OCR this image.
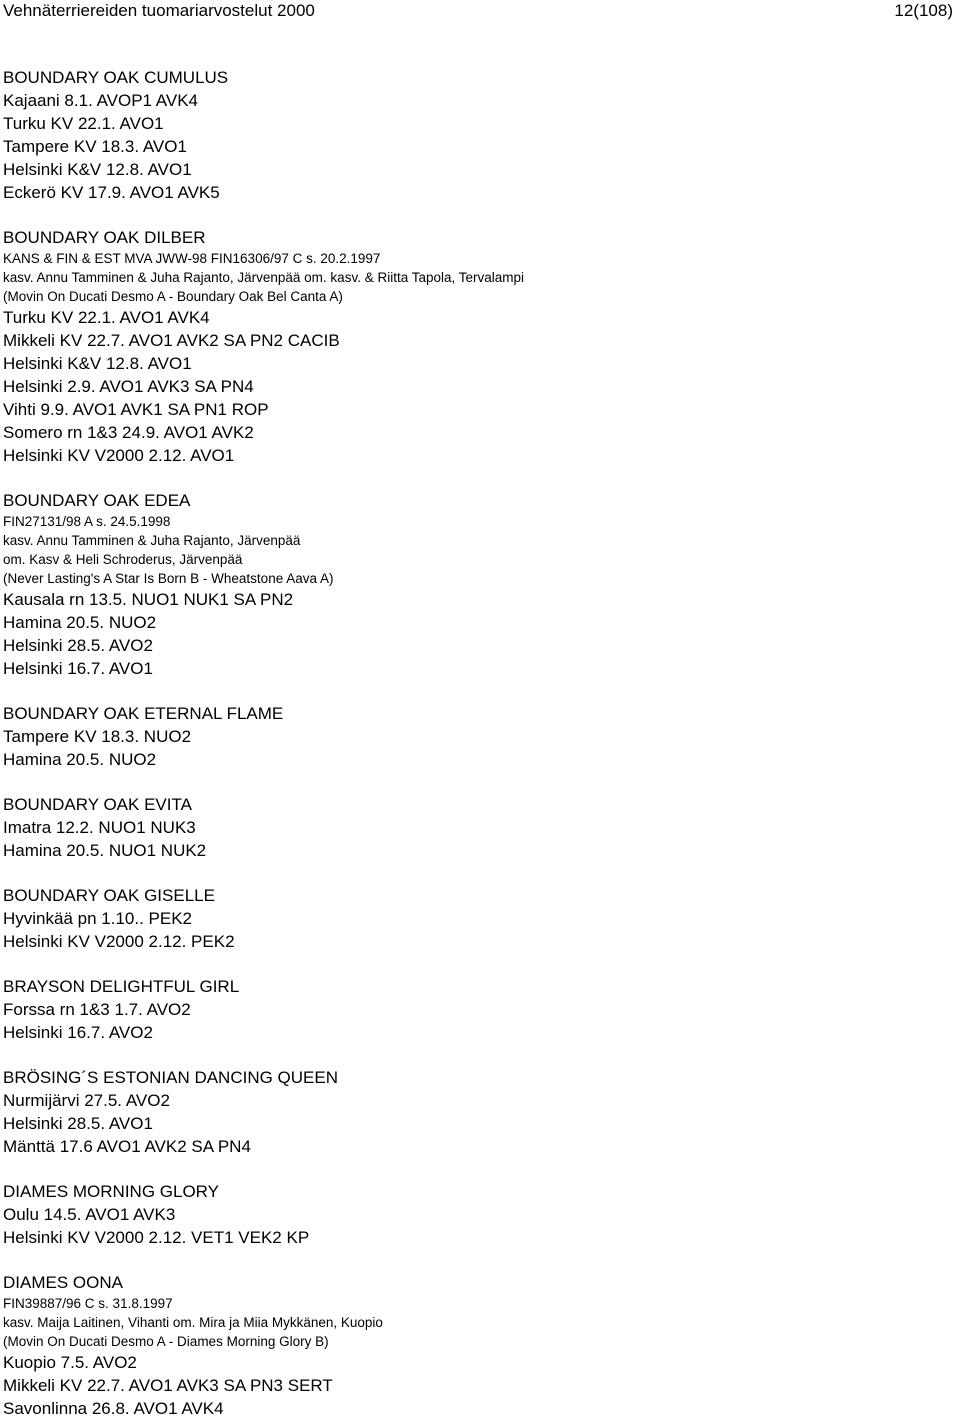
Vehnäterriereiden tuomariarvostelut 2000	12(108)
BOUNDARY OAK CUMULUS
Kajaani 8.1. AVOP1 AVK4
Turku KV 22.1. AVO1
Tampere KV 18.3. AVO1
Helsinki K&V 12.8. AVO1
Eckerö KV 17.9. AVO1 AVK5
BOUNDARY OAK DILBER
KANS & FIN & EST MVA JWW-98 FIN16306/97 C s. 20.2.1997
kasv. Annu Tamminen & Juha Rajanto, Järvenpää om. kasv. & Riitta Tapola, Tervalampi
(Movin On Ducati Desmo A - Boundary Oak Bel Canta A)
Turku KV 22.1. AVO1 AVK4
Mikkeli KV 22.7. AVO1 AVK2 SA PN2 CACIB
Helsinki K&V 12.8. AVO1
Helsinki 2.9. AVO1 AVK3 SA PN4
Vihti 9.9. AVO1 AVK1 SA PN1 ROP
Somero rn 1&3 24.9. AVO1 AVK2
Helsinki KV V2000 2.12. AVO1
BOUNDARY OAK EDEA
FIN27131/98 A s. 24.5.1998
kasv. Annu Tamminen & Juha Rajanto, Järvenpää
om. Kasv & Heli Schroderus, Järvenpää
(Never Lasting's A Star Is Born B - Wheatstone Aava A)
Kausala rn 13.5. NUO1 NUK1 SA PN2
Hamina 20.5. NUO2
Helsinki 28.5. AVO2
Helsinki 16.7. AVO1
BOUNDARY OAK ETERNAL FLAME
Tampere KV 18.3. NUO2
Hamina 20.5. NUO2
BOUNDARY OAK EVITA
Imatra 12.2. NUO1 NUK3
Hamina 20.5. NUO1 NUK2
BOUNDARY OAK GISELLE
Hyvinkää pn 1.10.. PEK2
Helsinki KV V2000 2.12. PEK2
BRAYSON DELIGHTFUL GIRL
Forssa rn 1&3 1.7. AVO2
Helsinki 16.7. AVO2
BRÖSING´S ESTONIAN DANCING QUEEN
Nurmijärvi 27.5. AVO2
Helsinki 28.5. AVO1
Mänttä 17.6 AVO1 AVK2 SA PN4
DIAMES MORNING GLORY
Oulu 14.5. AVO1 AVK3
Helsinki KV V2000 2.12. VET1 VEK2 KP
DIAMES OONA
FIN39887/96 C s. 31.8.1997
kasv. Maija Laitinen, Vihanti om. Mira ja Miia Mykkänen, Kuopio
(Movin On Ducati Desmo A - Diames Morning Glory B)
Kuopio 7.5. AVO2
Mikkeli KV 22.7. AVO1 AVK3 SA PN3 SERT
Savonlinna 26.8. AVO1 AVK4
